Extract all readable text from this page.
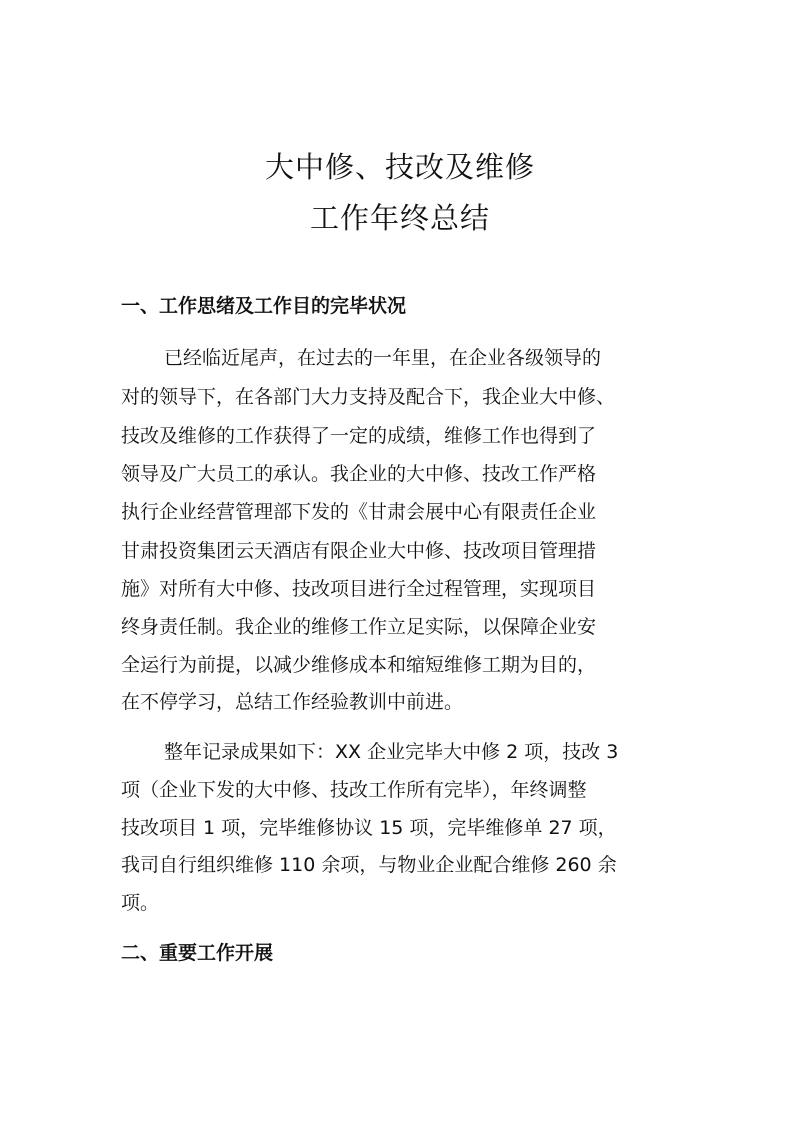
大中修、技改及维修
工作年终总结
一、工作思绪及工作目的完毕状况
已经临近尾声，在过去的一年里，在企业各级领导的
对的领导下，在各部门大力支持及配合下，我企业大中修、
技改及维修的工作获得了一定的成绩，维修工作也得到了
领导及广大员工的承认。我企业的大中修、技改工作严格
执行企业经营管理部下发的《甘肃会展中心有限责任企业
甘肃投资集团云天酒店有限企业大中修、技改项目管理措
施》对所有大中修、技改项目进行全过程管理，实现项目
终身责任制。我企业的维修工作立足实际，以保障企业安
全运行为前提，以减少维修成本和缩短维修工期为目的，
在不停学习，总结工作经验教训中前进。
整年记录成果如下：XX 企业完毕大中修 2 项，技改 3
项（企业下发的大中修、技改工作所有完毕），年终调整
技改项目 1 项，完毕维修协议 15 项，完毕维修单 27 项，
我司自行组织维修 110 余项，与物业企业配合维修 260 余
项。
二、重要工作开展
